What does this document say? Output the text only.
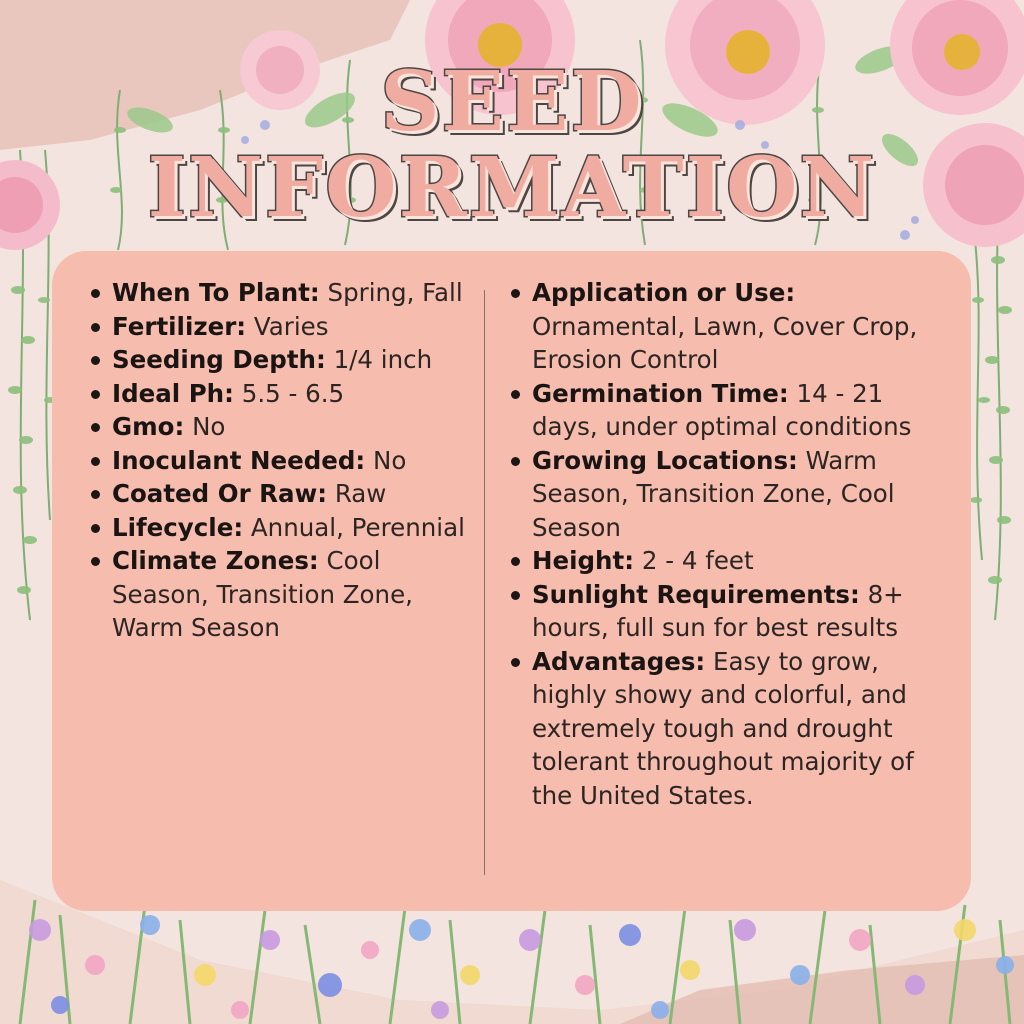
SEED
INFORMATION
When To Plant: Spring, Fall
Fertilizer: Varies
Seeding Depth: 1/4 inch
Ideal Ph: 5.5 - 6.5
Gmo: No
Inoculant Needed: No
Coated Or Raw: Raw
Lifecycle: Annual, Perennial
Climate Zones: Cool Season, Transition Zone, Warm Season
Application or Use: Ornamental, Lawn, Cover Crop, Erosion Control
Germination Time: 14 - 21 days, under optimal conditions
Growing Locations: Warm Season, Transition Zone, Cool Season
Height: 2 - 4 feet
Sunlight Requirements: 8+ hours, full sun for best results
Advantages: Easy to grow, highly showy and colorful, and extremely tough and drought tolerant throughout majority of the United States.
